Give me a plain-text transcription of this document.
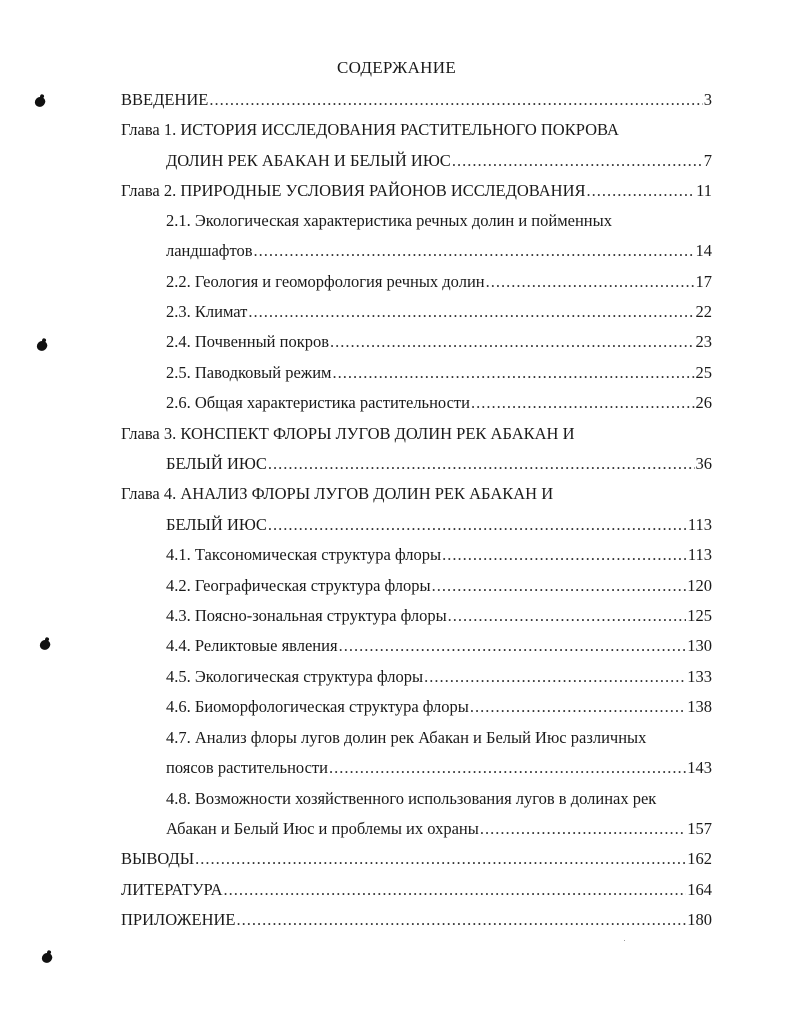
СОДЕРЖАНИЕ
ВВЕДЕНИЕ .....	3
Глава 1. ИСТОРИЯ ИССЛЕДОВАНИЯ РАСТИТЕЛЬНОГО ПОКРОВА
ДОЛИН РЕК АБАКАН И БЕЛЫЙ ИЮС .....	7
Глава 2. ПРИРОДНЫЕ УСЛОВИЯ РАЙОНОВ ИССЛЕДОВАНИЯ .....	11
2.1. Экологическая характеристика речных долин и пойменных
ландшафтов .....	14
2.2. Геология и геоморфология речных долин .....	17
2.3. Климат .....	22
2.4. Почвенный покров .....	23
2.5. Паводковый режим .....	25
2.6. Общая характеристика растительности .....	26
Глава 3. КОНСПЕКТ ФЛОРЫ ЛУГОВ ДОЛИН РЕК АБАКАН И
БЕЛЫЙ ИЮС .....	36
Глава 4. АНАЛИЗ ФЛОРЫ ЛУГОВ ДОЛИН РЕК АБАКАН И
БЕЛЫЙ ИЮС .....	113
4.1. Таксономическая структура флоры .....	113
4.2. Географическая структура флоры .....	120
4.3. Поясно-зональная структура флоры .....	125
4.4. Реликтовые явления .....	130
4.5. Экологическая структура флоры .....	133
4.6. Биоморфологическая структура флоры .....	138
4.7. Анализ флоры лугов долин рек Абакан и Белый Июс различных
поясов растительности .....	143
4.8. Возможности хозяйственного использования лугов в долинах рек
Абакан и Белый Июс и проблемы их охраны .....	157
ВЫВОДЫ .....	162
ЛИТЕРАТУРА .....	164
ПРИЛОЖЕНИЕ .....	180
